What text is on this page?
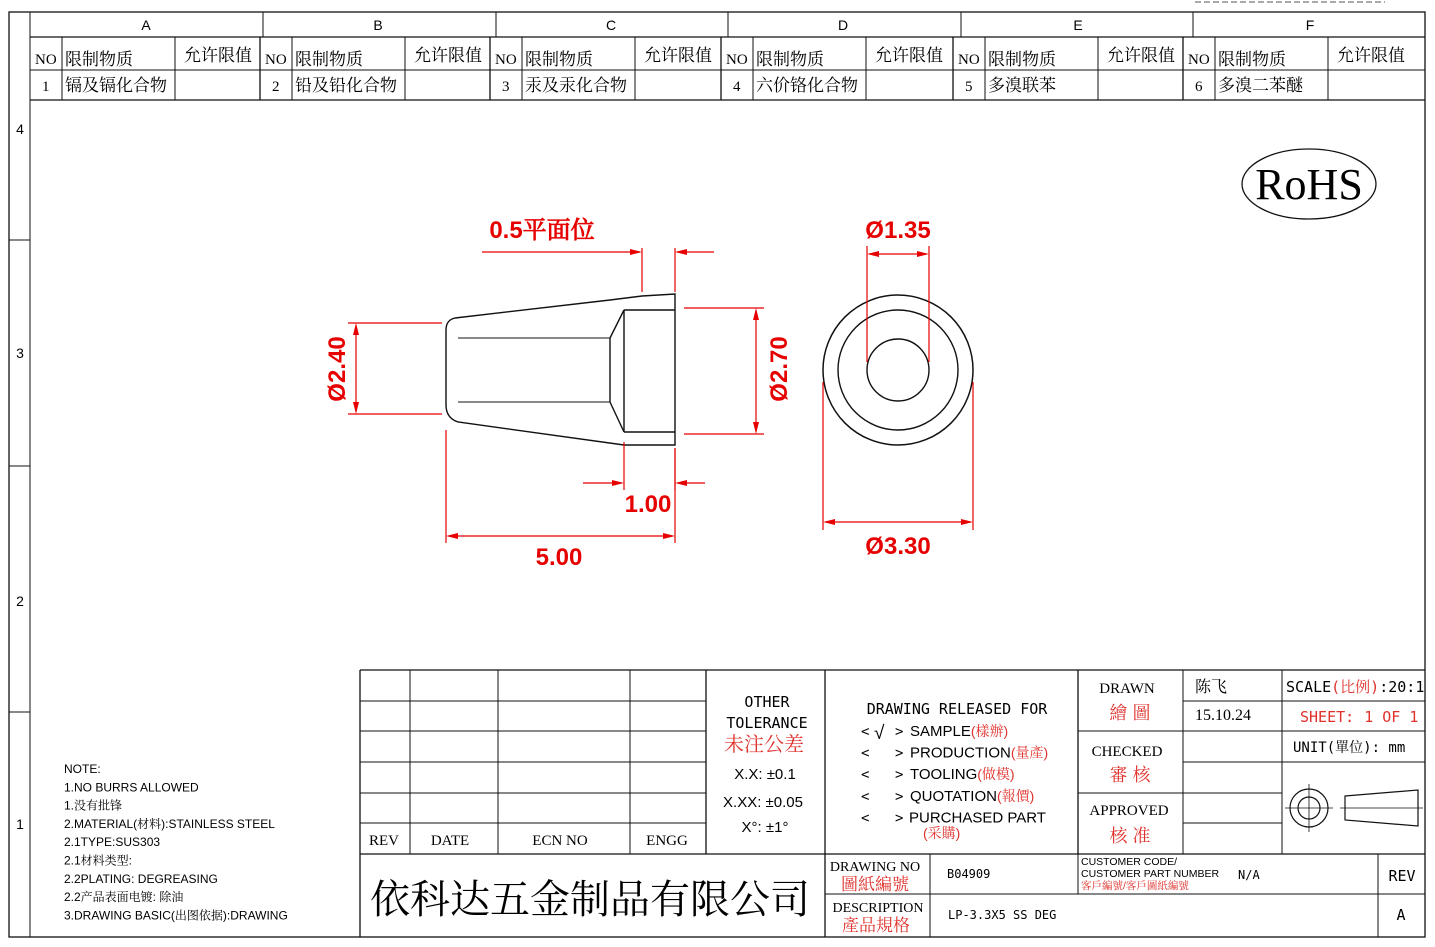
A	B	C	D	E	F
4
3
2
1
NO 限制物质	允许限值
1 镉及镉化合物
NO 限制物质	允许限值
2 铅及铅化合物
NO 限制物质	允许限值
3 汞及汞化合物
NO 限制物质	允许限值
4 六价铬化合物
NO 限制物质	允许限值
5 多溴联苯
NO 限制物质	允许限值
6 多溴二苯醚
RoHS
0.5平面位
Ø2.40	Ø2.70
1.00
5.00
Ø1.35
Ø3.30
NOTE:
1.NO BURRS ALLOWED
1.没有批锋
2.MATERIAL(材料):STAINLESS STEEL
2.1TYPE:SUS303
2.1材料类型:
2.2PLATING: DEGREASING
2.2产品表面电镀: 除油
3.DRAWING BASIC(出图依据):DRAWING
REV DATE	ECN NO	ENGG
OTHER
TOLERANCE
未注公差
X.X: ±0.1
X.XX: ±0.05
X°: ±1°
DRAWING RELEASED FOR
< √ > SAMPLE(樣辦)
< > PRODUCTION(量產)
< > TOOLING(做模)
< > QUOTATION(報價)
< > PURCHASED PART
(采購)
DRAWN
繪 圖
陈飞
15.10.24
CHECKED
審 核
APPROVED
核 准
SCALE(比例):20:1
SHEET: 1 OF 1
UNIT(單位): mm
依科达五金制品有限公司
DRAWING NO
圖紙編號
B04909
DESCRIPTION
產品規格
LP-3.3X5 SS DEG
CUSTOMER CODE/
CUSTOMER PART NUMBER
客戶編號/客戶圖紙編號
N/A	REV
A
